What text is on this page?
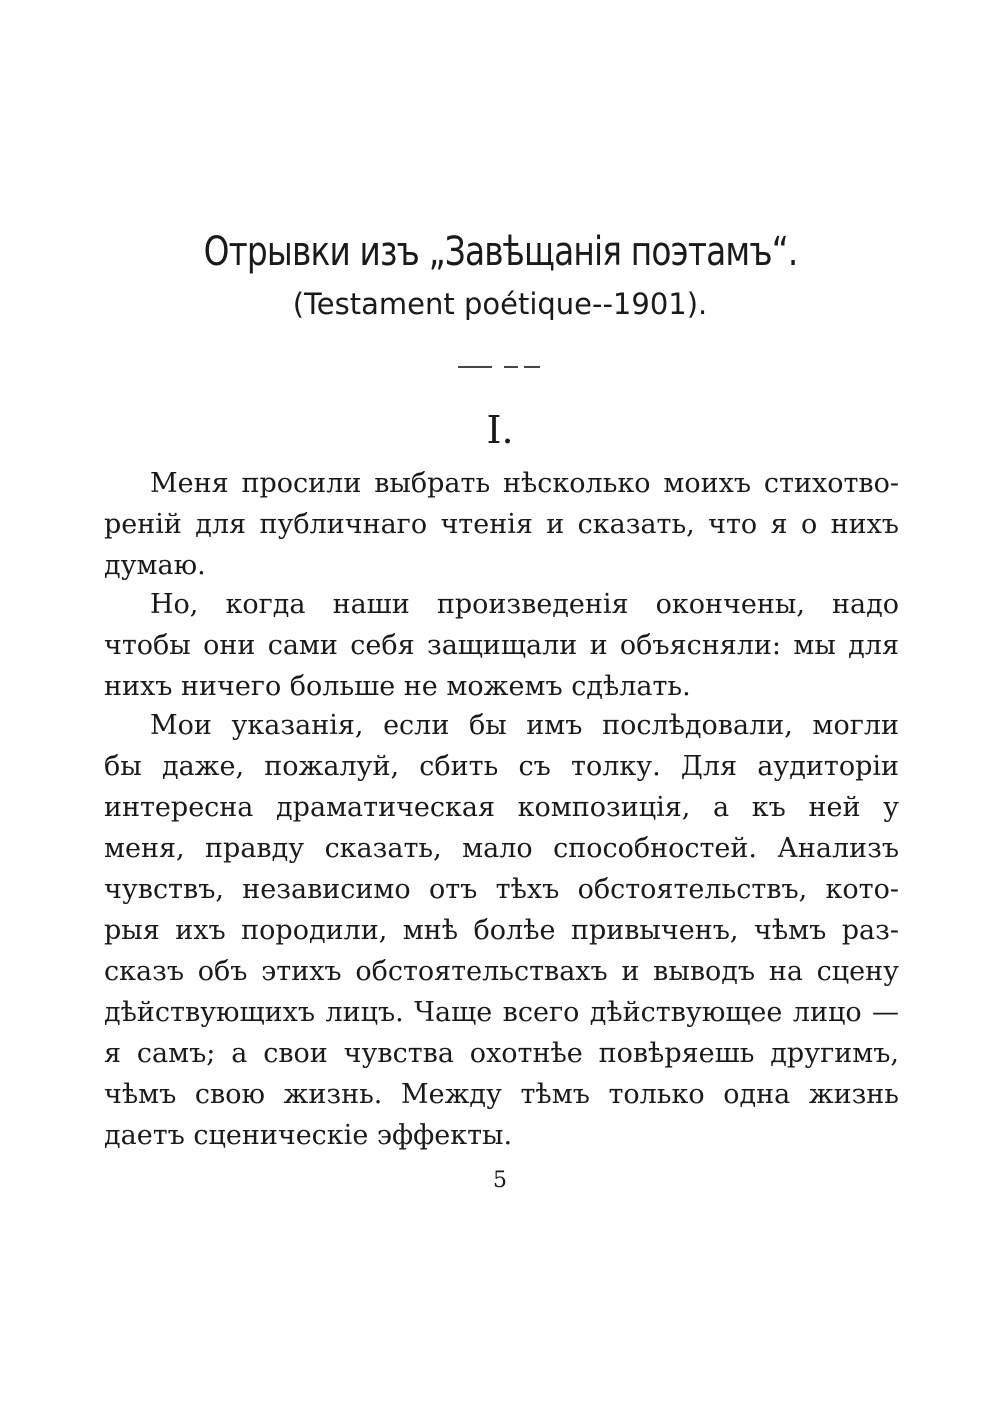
Отрывки изъ „Завѣщанія поэтамъ“.
(Testament poétique--1901).
I.
Меня просили выбрать нѣсколько моихъ стихотво-
реній для публичнаго чтенія и сказать, что я о нихъ
думаю.
Но, когда наши произведенія окончены, надо
чтобы они сами себя защищали и объясняли: мы для
нихъ ничего больше не можемъ сдѣлать.
Мои указанія, если бы имъ послѣдовали, могли
бы даже, пожалуй, сбить съ толку. Для аудиторіи
интересна драматическая композиція, а къ ней у
меня, правду сказать, мало способностей. Анализъ
чувствъ, независимо отъ тѣхъ обстоятельствъ, кото-
рыя ихъ породили, мнѣ болѣе привыченъ, чѣмъ раз-
сказъ объ этихъ обстоятельствахъ и выводъ на сцену
дѣйствующихъ лицъ. Чаще всего дѣйствующее лицо —
я самъ; а свои чувства охотнѣе повѣряешь другимъ,
чѣмъ свою жизнь. Между тѣмъ только одна жизнь
даетъ сценическіе эффекты.
5
